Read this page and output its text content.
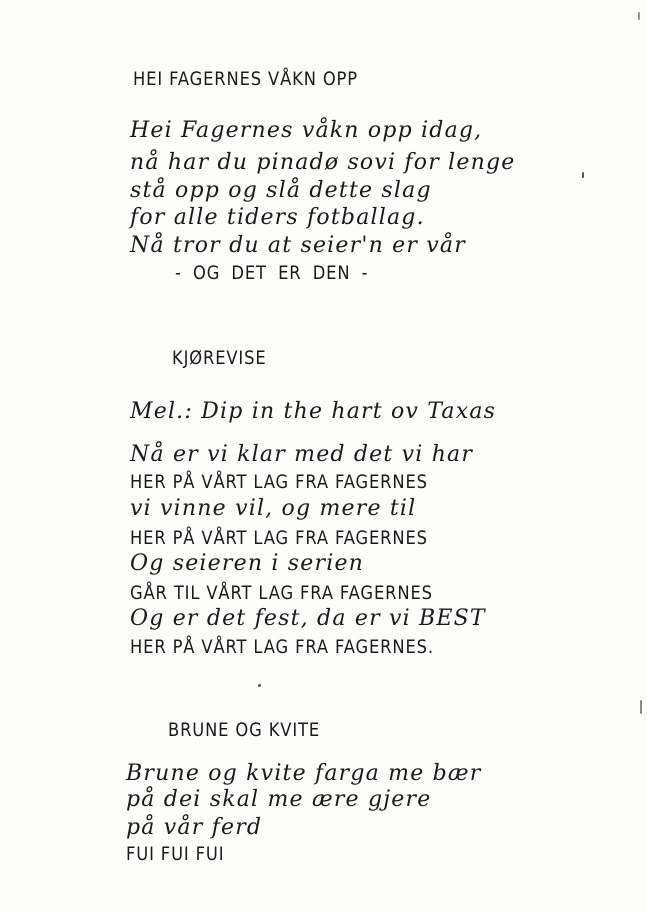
HEI FAGERNES VÅKN OPP
Hei Fagernes våkn opp idag,
nå har du pinadø sovi for lenge
stå opp og slå dette slag
for alle tiders fotballag.
Nå tror du at seier'n er vår
- OG DET ER DEN -
KJØREVISE
Mel.: Dip in the hart ov Taxas
Nå er vi klar med det vi har
HER PÅ VÅRT LAG FRA FAGERNES
vi vinne vil, og mere til
HER PÅ VÅRT LAG FRA FAGERNES
Og seieren i serien
GÅR TIL VÅRT LAG FRA FAGERNES
Og er det fest, da er vi BEST
HER PÅ VÅRT LAG FRA FAGERNES.
BRUNE OG KVITE
Brune og kvite farga me bær
på dei skal me ære gjere
på vår ferd
FUI FUI FUI
